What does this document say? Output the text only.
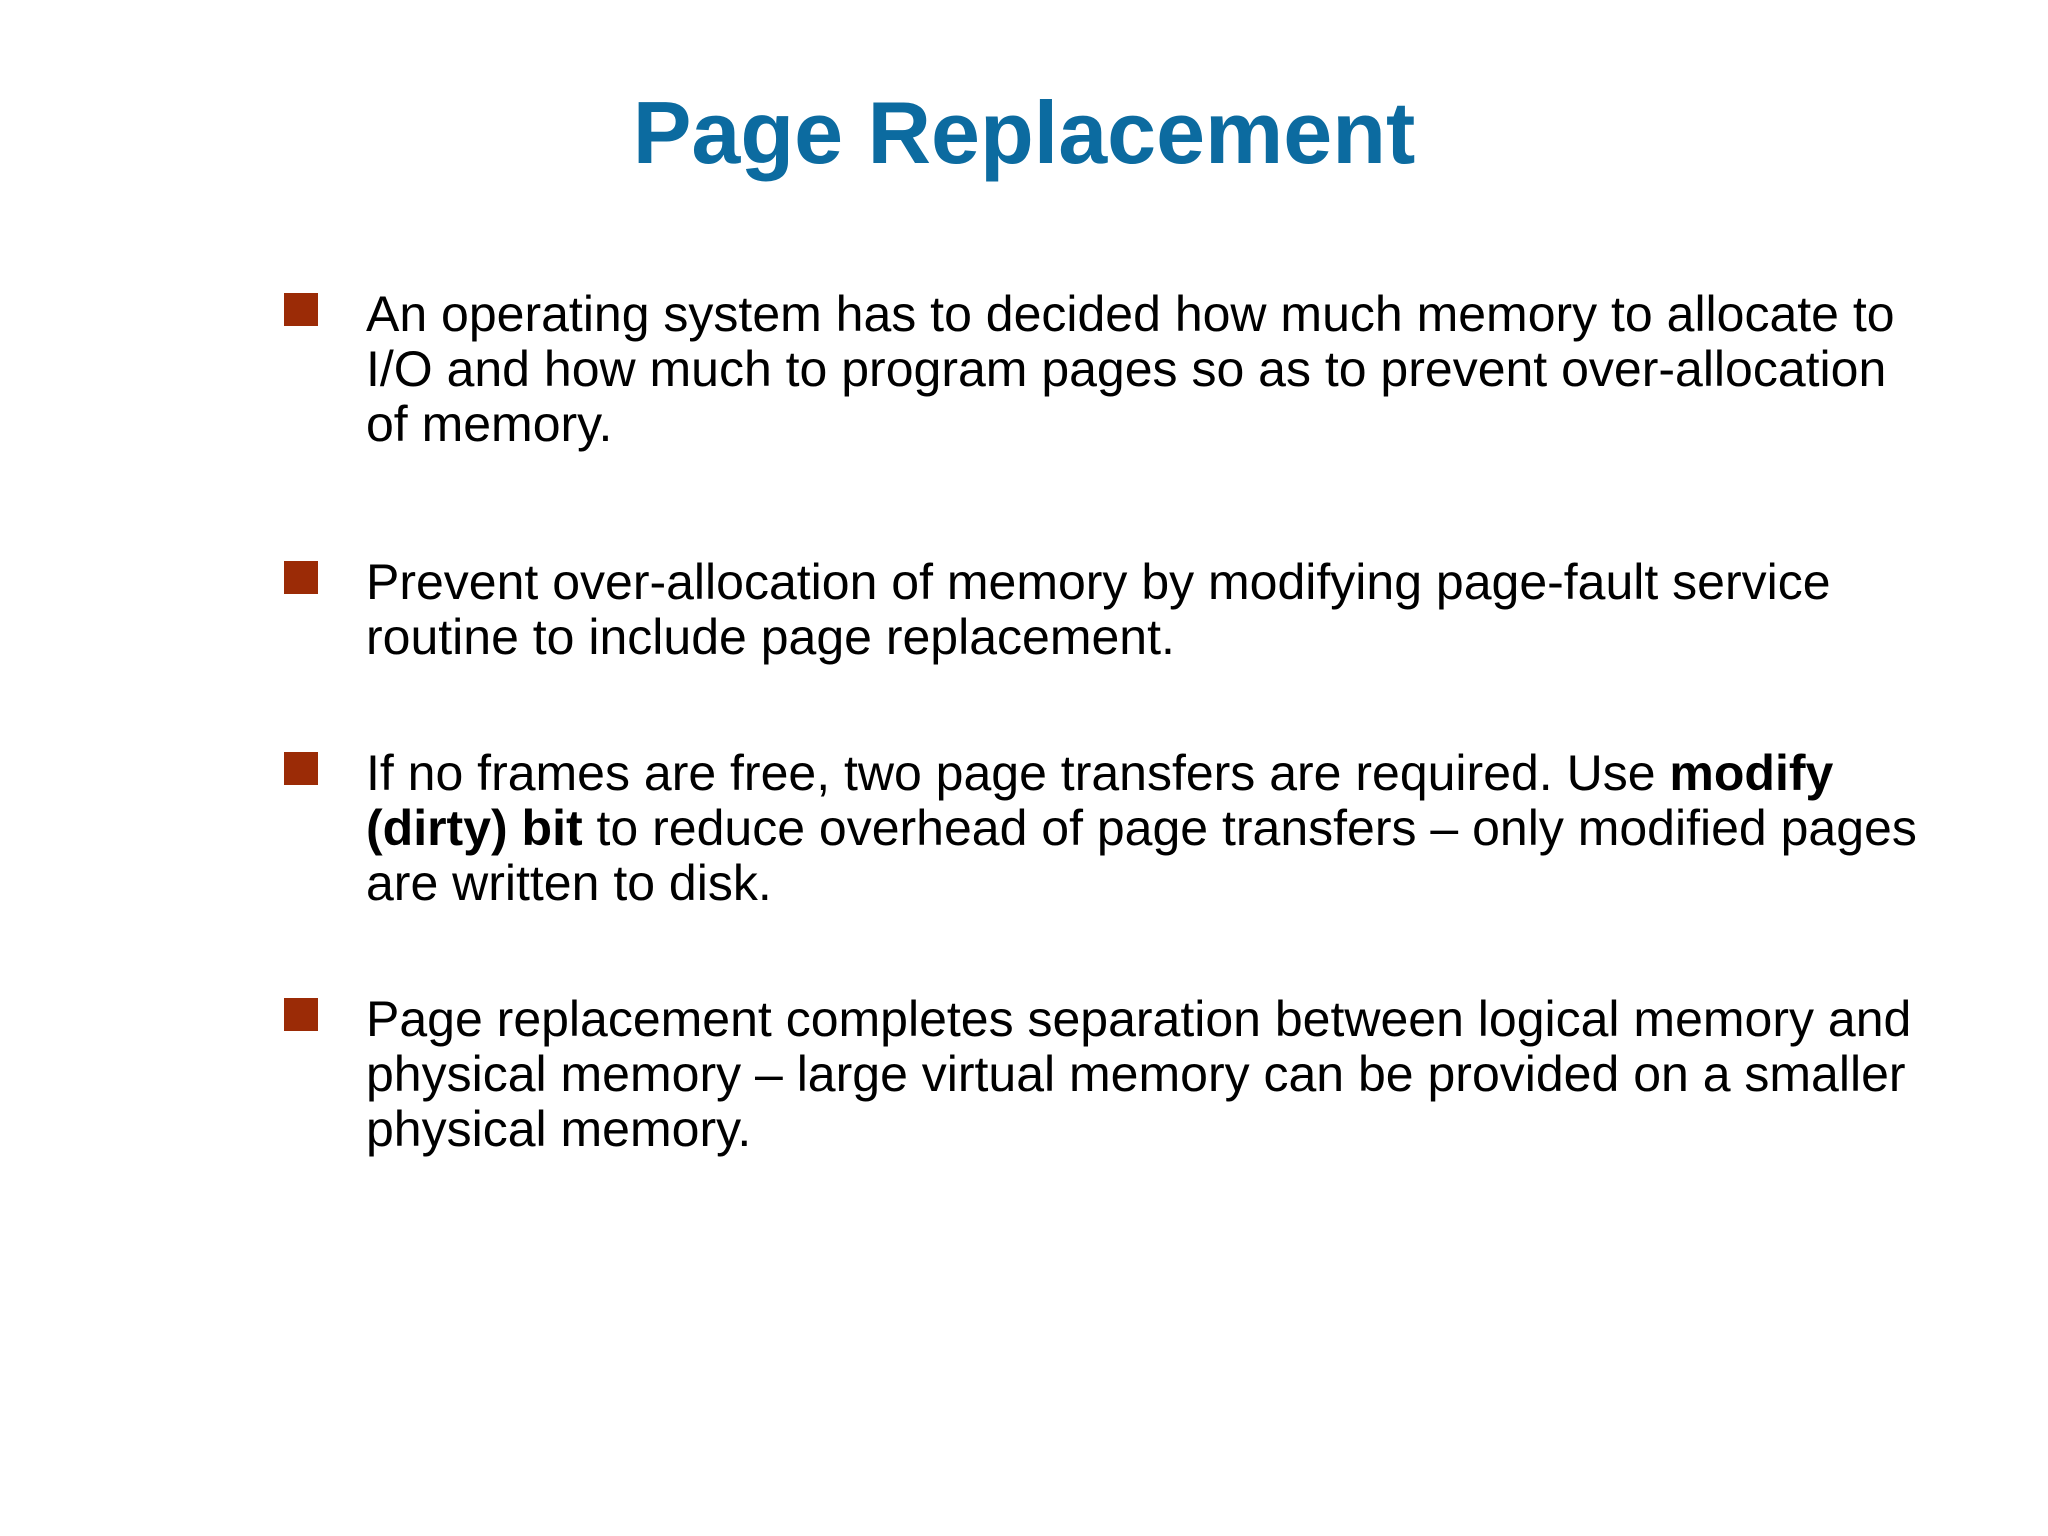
Page Replacement
An operating system has to decided how much memory to allocate to I/O and how much to program pages so as to prevent over-allocation of memory.
Prevent over-allocation of memory by modifying page-fault service routine to include page replacement.
If no frames are free, two page transfers are required. Use modify (dirty) bit to reduce overhead of page transfers – only modified pages are written to disk.
Page replacement completes separation between logical memory and physical memory – large virtual memory can be provided on a smaller physical memory.
